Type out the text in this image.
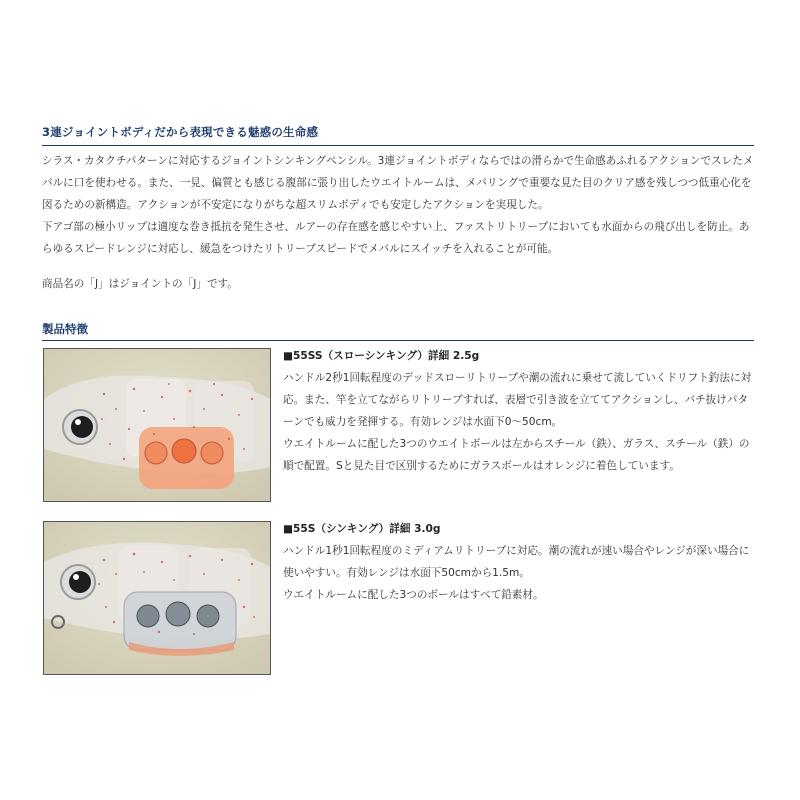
3連ジョイントボディだから表現できる魅惑の生命感

シラス・カタクチパターンに対応するジョイントシンキングペンシル。3連ジョイントボディならではの滑らかで生命感あふれるアクションでスレたメバルに口を使わせる。また、一見、偏質とも感じる腹部に張り出したウエイトルームは、メバリングで重要な見た目のクリア感を残しつつ低重心化を図るための新構造。アクションが不安定になりがちな超スリムボディでも安定したアクションを実現した。

下アゴ部の極小リップは適度な巻き抵抗を発生させ、ルアーの存在感を感じやすい上、ファストリトリーブにおいても水面からの飛び出しを防止。あらゆるスピードレンジに対応し、緩急をつけたリトリーブスピードでメバルにスイッチを入れることが可能。

商品名の「J」はジョイントの「J」です。
製品特徴

■55SS（スローシンキング）詳細 2.5g

ハンドル2秒1回転程度のデッドスローリトリーブや潮の流れに乗せて流していくドリフト釣法に対応。また、竿を立てながらリトリーブすれば、表層で引き波を立ててアクションし、バチ抜けパターンでも威力を発揮する。有効レンジは水面下0〜50cm。

ウエイトルームに配した3つのウエイトボールは左からスチール（鉄）、ガラス、スチール（鉄）の順で配置。Sと見た目で区別するためにガラスボールはオレンジに着色しています。

■55S（シンキング）詳細 3.0g

ハンドル1秒1回転程度のミディアムリトリーブに対応。潮の流れが速い場合やレンジが深い場合に使いやすい。有効レンジは水面下50cmから1.5m。

ウエイトルームに配した3つのボールはすべて鉛素材。
